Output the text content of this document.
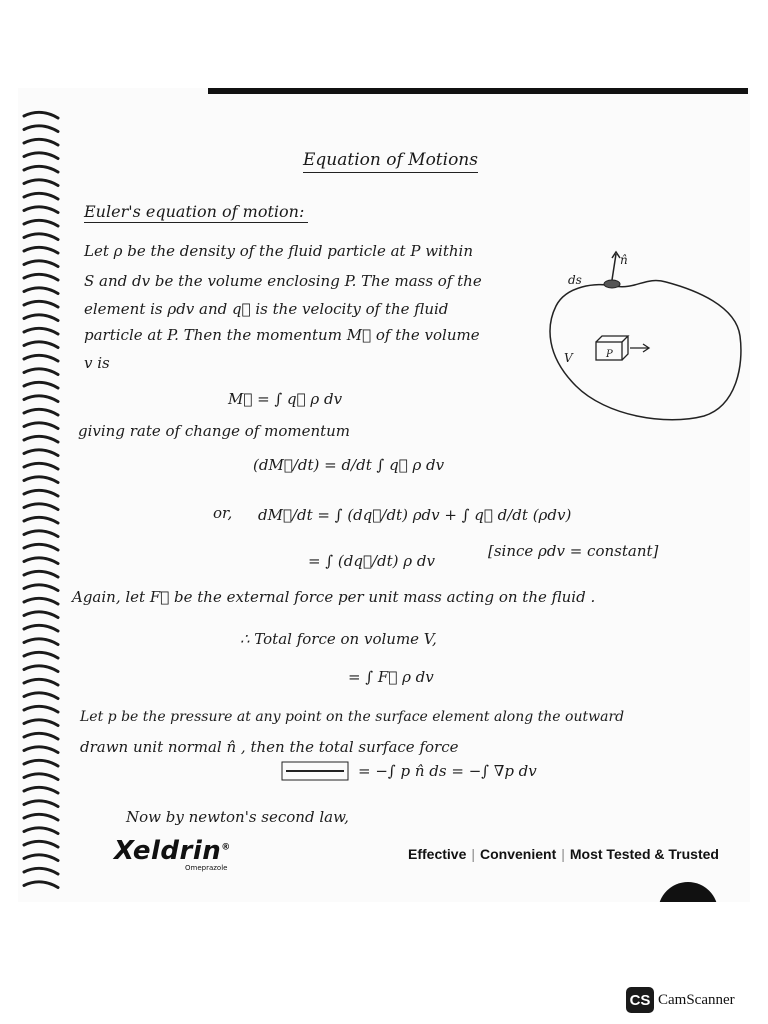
Equation of Motions
Euler's equation of motion:
Let ρ be the density of the fluid particle at P within
S and dv be the volume enclosing P. The mass of the
element is ρdv and q⃗ is the velocity of the fluid
particle at P. Then the momentum M⃗ of the volume
v is
M⃗ = ∫ q⃗ ρ dv
giving rate of change of momentum
(dM⃗/dt) = d/dt ∫ q⃗ ρ dv
or, dM⃗/dt = ∫ (dq⃗/dt) ρdv + ∫ q⃗ d/dt (ρdv)
= ∫ (dq⃗/dt) ρ dv
[since ρdv = constant]
Again, let F⃗ be the external force per unit mass acting on the fluid .
∴ Total force on volume V,
= ∫ F⃗ ρ dv
Let p be the pressure at any point on the surface element along the outward
drawn unit normal n̂ , then the total surface force
= −∫ p n̂ ds = −∫ ∇p dv
Now by newton's second law,
ds
n̂
V	P
Xeldrin®
Omeprazole
Effective | Convenient | Most Tested & Trusted
CS CamScanner
